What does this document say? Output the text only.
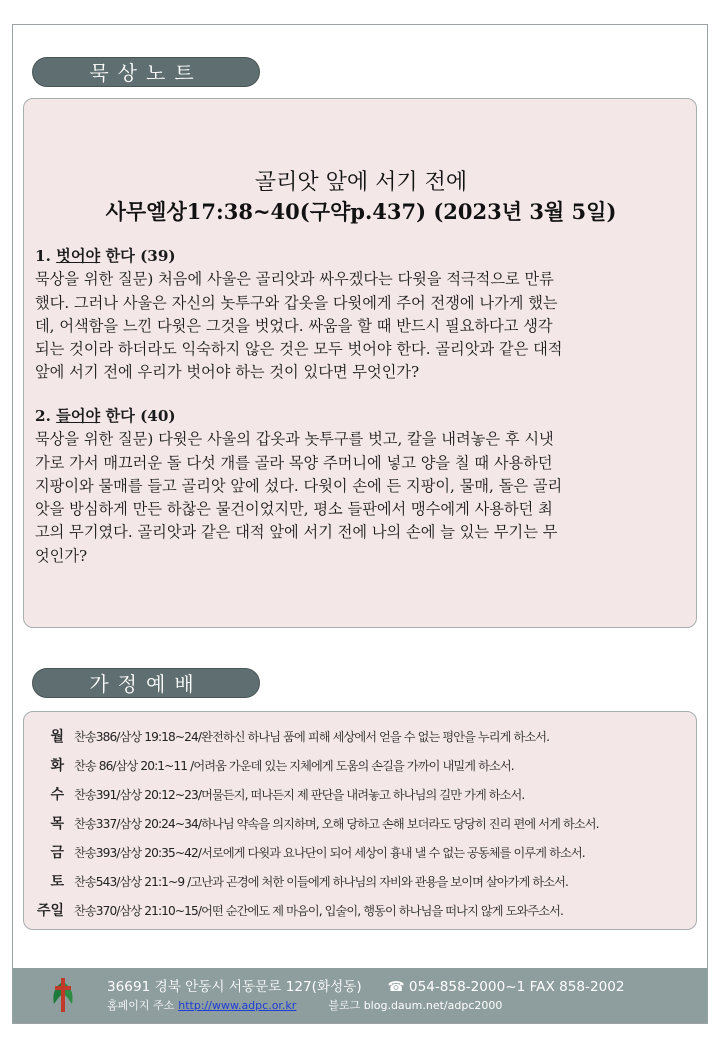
묵상노트
골리앗 앞에 서기 전에
사무엘상17:38~40(구약p.437) (2023년 3월 5일)
1. 벗어야 한다 (39)
묵상을 위한 질문) 처음에 사울은 골리앗과 싸우겠다는 다윗을 적극적으로 만류
했다. 그러나 사울은 자신의 놋투구와 갑옷을 다윗에게 주어 전쟁에 나가게 했는
데, 어색함을 느낀 다윗은 그것을 벗었다. 싸움을 할 때 반드시 필요하다고 생각
되는 것이라 하더라도 익숙하지 않은 것은 모두 벗어야 한다. 골리앗과 같은 대적
앞에 서기 전에 우리가 벗어야 하는 것이 있다면 무엇인가?
2. 들어야 한다 (40)
묵상을 위한 질문) 다윗은 사울의 갑옷과 놋투구를 벗고, 칼을 내려놓은 후 시냇
가로 가서 매끄러운 돌 다섯 개를 골라 목양 주머니에 넣고 양을 칠 때 사용하던
지팡이와 물매를 들고 골리앗 앞에 섰다. 다윗이 손에 든 지팡이, 물매, 돌은 골리
앗을 방심하게 만든 하찮은 물건이었지만, 평소 들판에서 맹수에게 사용하던 최
고의 무기였다. 골리앗과 같은 대적 앞에 서기 전에 나의 손에 늘 있는 무기는 무
엇인가?
가정예배
월 찬송386/삼상 19:18~24/완전하신 하나님 품에 피해 세상에서 얻을 수 없는 평안을 누리게 하소서.
화 찬송 86/삼상 20:1~11 /어려움 가운데 있는 지체에게 도움의 손길을 가까이 내밀게 하소서.
수 찬송391/삼상 20:12~23/머물든지, 떠나든지 제 판단을 내려놓고 하나님의 길만 가게 하소서.
목 찬송337/삼상 20:24~34/하나님 약속을 의지하며, 오해 당하고 손해 보더라도 당당히 진리 편에 서게 하소서.
금 찬송393/삼상 20:35~42/서로에게 다윗과 요나단이 되어 세상이 흉내 낼 수 없는 공동체를 이루게 하소서.
토 찬송543/삼상 21:1~9 /고난과 곤경에 처한 이들에게 하나님의 자비와 관용을 보이며 살아가게 하소서.
주일 찬송370/삼상 21:10~15/어떤 순간에도 제 마음이, 입술이, 행동이 하나님을 떠나지 않게 도와주소서.
36691 경북 안동시 서동문로 127(화성동) ☎ 054-858-2000~1 FAX 858-2002
홈페이지 주소 http://www.adpc.or.kr	블로그 blog.daum.net/adpc2000
